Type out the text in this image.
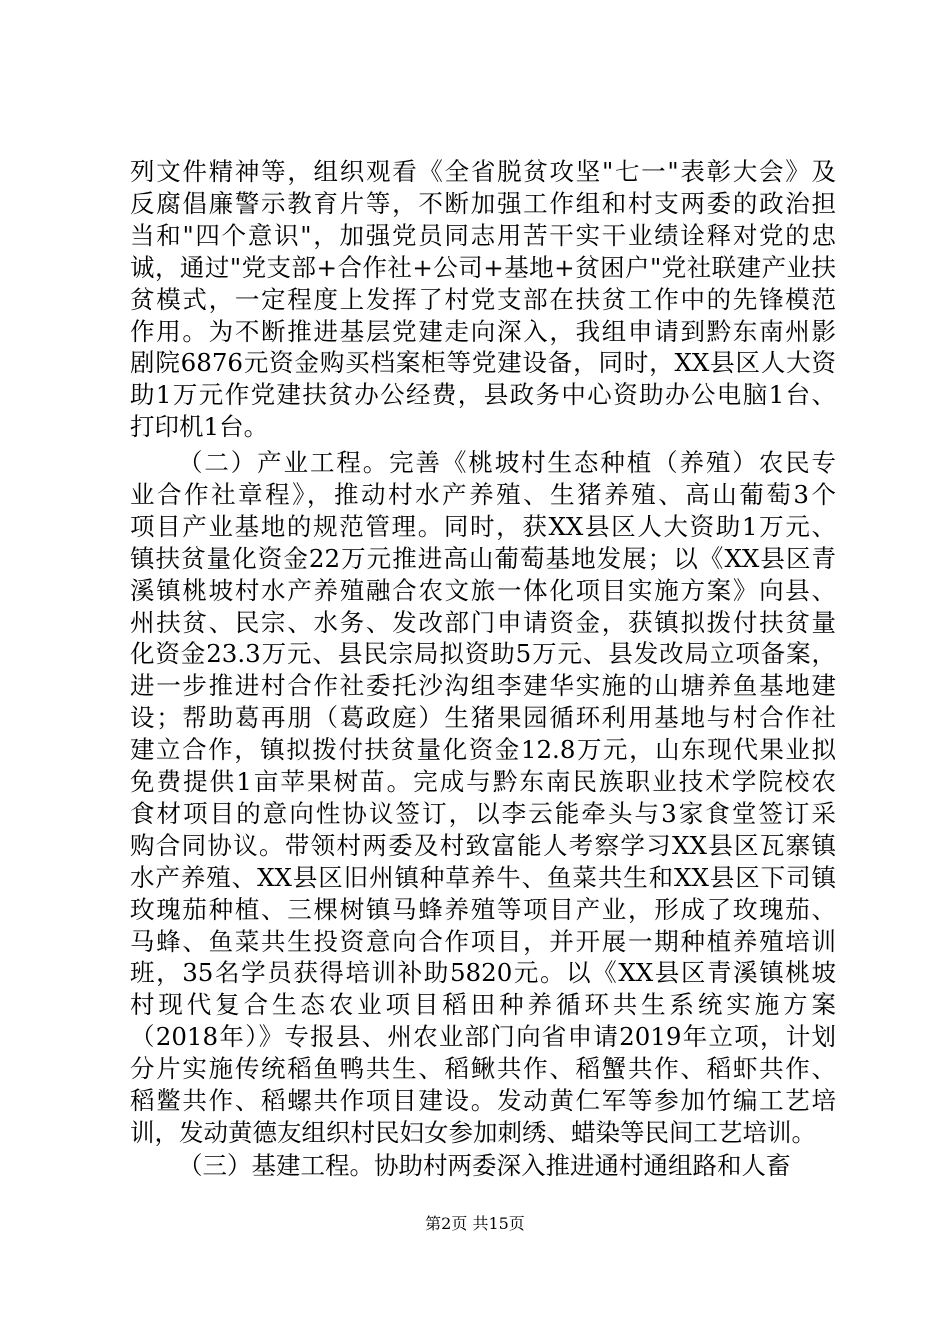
列文件精神等，组织观看《全省脱贫攻坚"七一"表彰大会》及
反腐倡廉警示教育片等，不断加强工作组和村支两委的政治担
当和"四个意识"，加强党员同志用苦干实干业绩诠释对党的忠
诚，通过"党支部+合作社+公司+基地+贫困户"党社联建产业扶
贫模式，一定程度上发挥了村党支部在扶贫工作中的先锋模范
作用。为不断推进基层党建走向深入，我组申请到黔东南州影
剧院6876元资金购买档案柜等党建设备，同时，XX县区人大资
助1万元作党建扶贫办公经费，县政务中心资助办公电脑1台、
打印机1台。
（二）产业工程。完善《桃坡村生态种植（养殖）农民专
业合作社章程》，推动村水产养殖、生猪养殖、高山葡萄3个
项目产业基地的规范管理。同时，获XX县区人大资助1万元、
镇扶贫量化资金22万元推进高山葡萄基地发展；以《XX县区青
溪镇桃坡村水产养殖融合农文旅一体化项目实施方案》向县、
州扶贫、民宗、水务、发改部门申请资金，获镇拟拨付扶贫量
化资金23.3万元、县民宗局拟资助5万元、县发改局立项备案，
进一步推进村合作社委托沙沟组李建华实施的山塘养鱼基地建
设；帮助葛再朋（葛政庭）生猪果园循环利用基地与村合作社
建立合作，镇拟拨付扶贫量化资金12.8万元，山东现代果业拟
免费提供1亩苹果树苗。完成与黔东南民族职业技术学院校农
食材项目的意向性协议签订，以李云能牵头与3家食堂签订采
购合同协议。带领村两委及村致富能人考察学习XX县区瓦寨镇
水产养殖、XX县区旧州镇种草养牛、鱼菜共生和XX县区下司镇
玫瑰茄种植、三棵树镇马蜂养殖等项目产业，形成了玫瑰茄、
马蜂、鱼菜共生投资意向合作项目，并开展一期种植养殖培训
班，35名学员获得培训补助5820元。以《XX县区青溪镇桃坡
村现代复合生态农业项目稻田种养循环共生系统实施方案
（2018年）》专报县、州农业部门向省申请2019年立项，计划
分片实施传统稻鱼鸭共生、稻鳅共作、稻蟹共作、稻虾共作、
稻鳖共作、稻螺共作项目建设。发动黄仁军等参加竹编工艺培
训，发动黄德友组织村民妇女参加刺绣、蜡染等民间工艺培训。
（三）基建工程。协助村两委深入推进通村通组路和人畜
第2页 共15页
